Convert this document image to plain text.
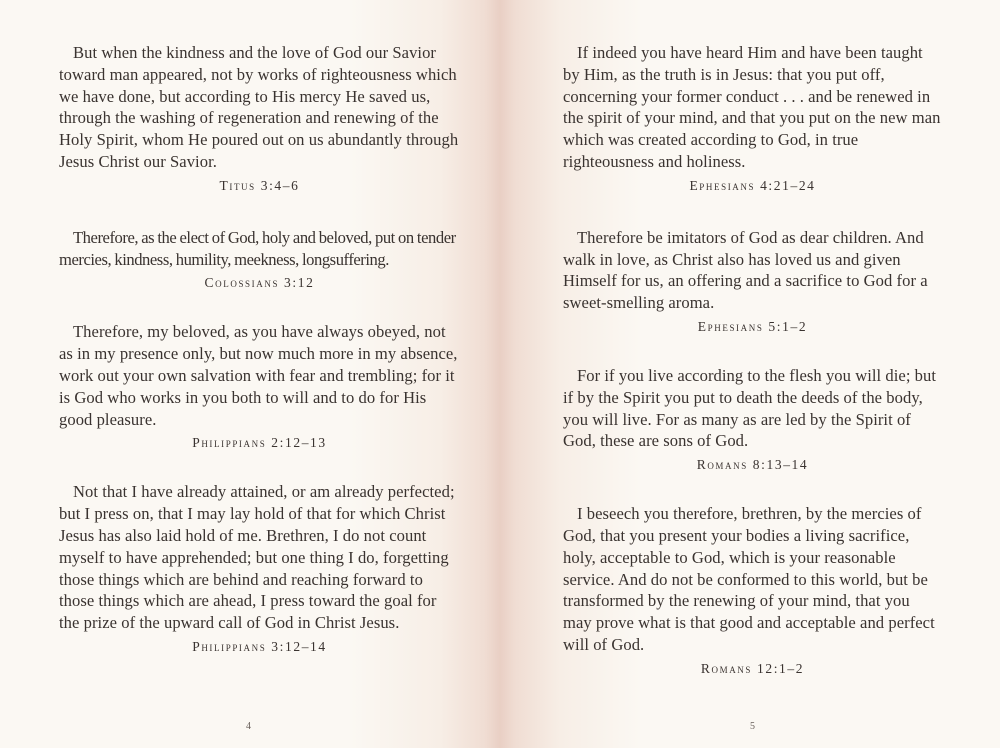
But when the kindness and the love of God our Savior toward man appeared, not by works of righteousness which we have done, but according to His mercy He saved us, through the washing of regeneration and renewing of the Holy Spirit, whom He poured out on us abundantly through Jesus Christ our Savior.

Titus 3:4–6

Therefore, as the elect of God, holy and beloved, put on tender mercies, kindness, humility, meekness, longsuffering.

Colossians 3:12

Therefore, my beloved, as you have always obeyed, not as in my presence only, but now much more in my absence, work out your own salvation with fear and trembling; for it is God who works in you both to will and to do for His good pleasure.

Philippians 2:12–13

Not that I have already attained, or am already perfected; but I press on, that I may lay hold of that for which Christ Jesus has also laid hold of me. Brethren, I do not count myself to have apprehended; but one thing I do, forgetting those things which are behind and reaching forward to those things which are ahead, I press toward the goal for the prize of the upward call of God in Christ Jesus.

Philippians 3:12–14

4

If indeed you have heard Him and have been taught by Him, as the truth is in Jesus: that you put off, concerning your former conduct . . . and be renewed in the spirit of your mind, and that you put on the new man which was created according to God, in true righteousness and holiness.

Ephesians 4:21–24

Therefore be imitators of God as dear children. And walk in love, as Christ also has loved us and given Himself for us, an offering and a sacrifice to God for a sweet-smelling aroma.

Ephesians 5:1–2

For if you live according to the flesh you will die; but if by the Spirit you put to death the deeds of the body, you will live. For as many as are led by the Spirit of God, these are sons of God.

Romans 8:13–14

I beseech you therefore, brethren, by the mercies of God, that you present your bodies a living sacrifice, holy, acceptable to God, which is your reasonable service. And do not be conformed to this world, but be transformed by the renewing of your mind, that you may prove what is that good and acceptable and perfect will of God.

Romans 12:1–2

5
